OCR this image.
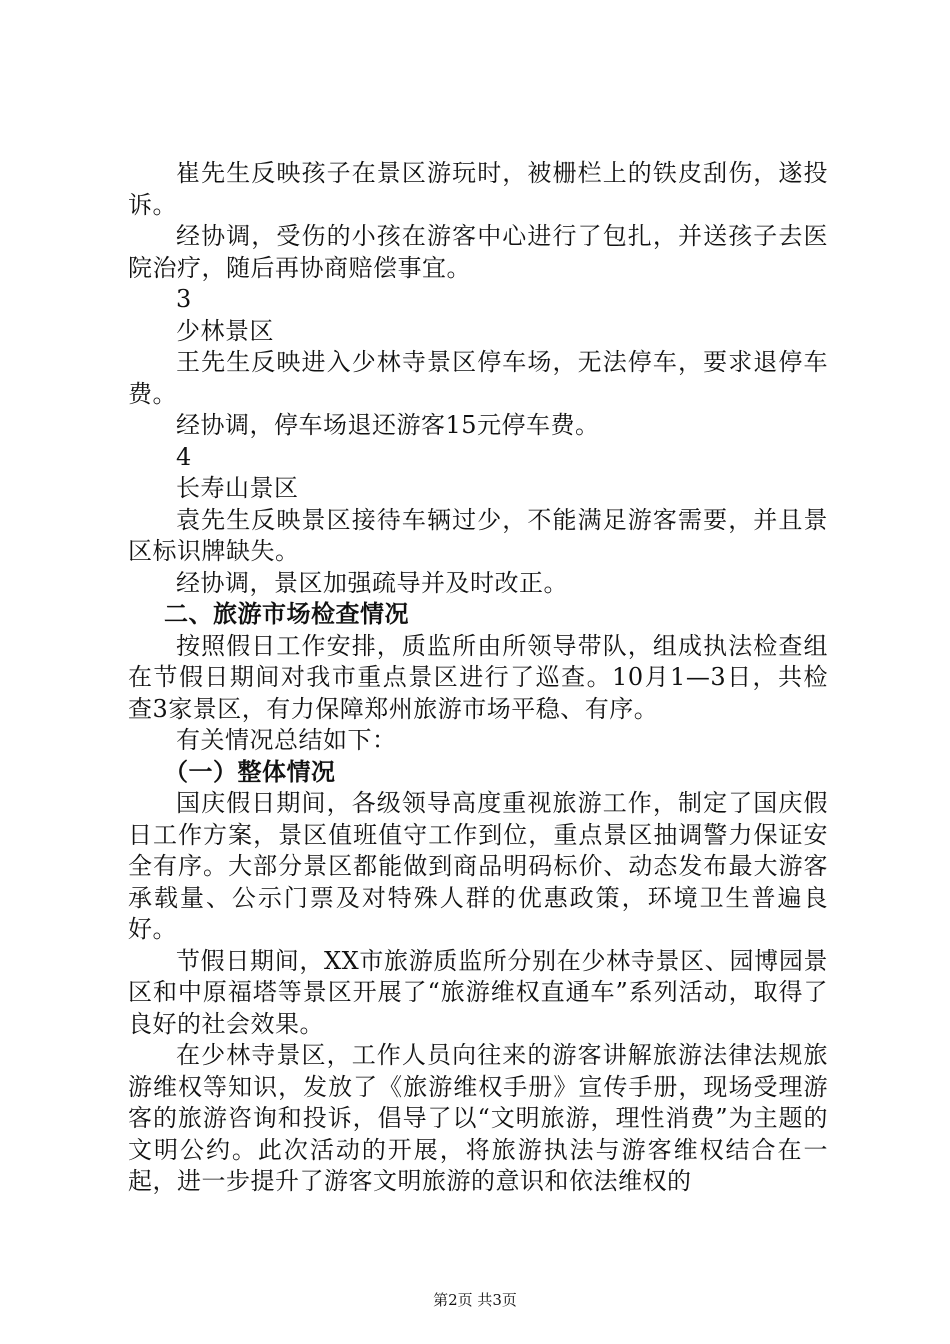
崔先生反映孩子在景区游玩时，被栅栏上的铁皮刮伤，遂投诉。

经协调，受伤的小孩在游客中心进行了包扎，并送孩子去医院治疗，随后再协商赔偿事宜。

3

少林景区

王先生反映进入少林寺景区停车场，无法停车，要求退停车费。

经协调，停车场退还游客15元停车费。

4

长寿山景区

袁先生反映景区接待车辆过少，不能满足游客需要，并且景区标识牌缺失。

经协调，景区加强疏导并及时改正。

二、旅游市场检查情况

按照假日工作安排，质监所由所领导带队，组成执法检查组在节假日期间对我市重点景区进行了巡查。10月1—3日，共检查3家景区，有力保障郑州旅游市场平稳、有序。

有关情况总结如下：

（一）整体情况

国庆假日期间，各级领导高度重视旅游工作，制定了国庆假日工作方案，景区值班值守工作到位，重点景区抽调警力保证安全有序。大部分景区都能做到商品明码标价、动态发布最大游客承载量、公示门票及对特殊人群的优惠政策，环境卫生普遍良好。

节假日期间，XX市旅游质监所分别在少林寺景区、园博园景区和中原福塔等景区开展了“旅游维权直通车”系列活动，取得了良好的社会效果。

在少林寺景区，工作人员向往来的游客讲解旅游法律法规旅游维权等知识，发放了《旅游维权手册》宣传手册，现场受理游客的旅游咨询和投诉，倡导了以“文明旅游，理性消费”为主题的文明公约。此次活动的开展，将旅游执法与游客维权结合在一起，进一步提升了游客文明旅游的意识和依法维权的

第2页 共3页
